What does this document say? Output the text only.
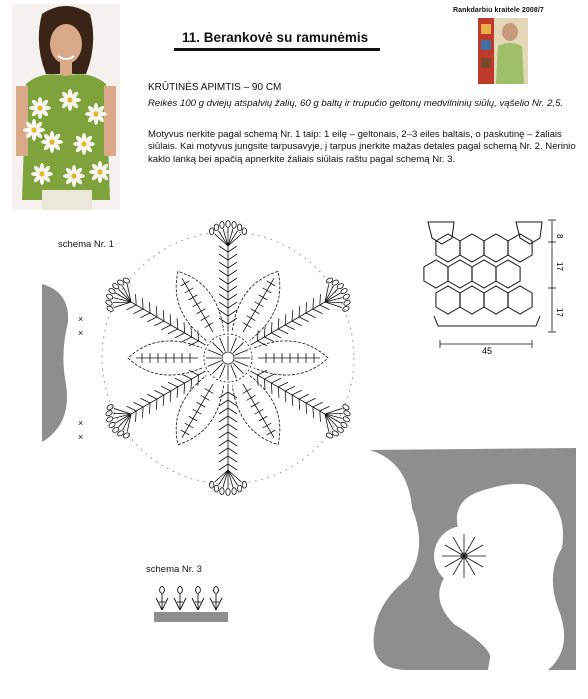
Rankdarbiu kraitele 2008/7
11. Berankovė su ramunėmis
KRŪTINĖS APIMTIS – 90 CM
Reikės 100 g dviejų atspalvių žalių, 60 g baltų ir trupučio geltonų medvilninių siūlų, vąšelio Nr. 2,5.
Motyvus nerkite pagal schemą Nr. 1 taip: 1 eilę – geltonais, 2–3 eiles baltais, o paskutinę – žaliais siūlais. Kai motyvus jungsite tarpusavyje, į tarpus įnerkite mažas detales pagal schemą Nr. 2. Nėrinio kaklo lanką bei apačią apnerkite žaliais siūlais raštu pagal schemą Nr. 3.
schema Nr. 1
schema Nr. 3
×
×
×
×
45
8
17
17
